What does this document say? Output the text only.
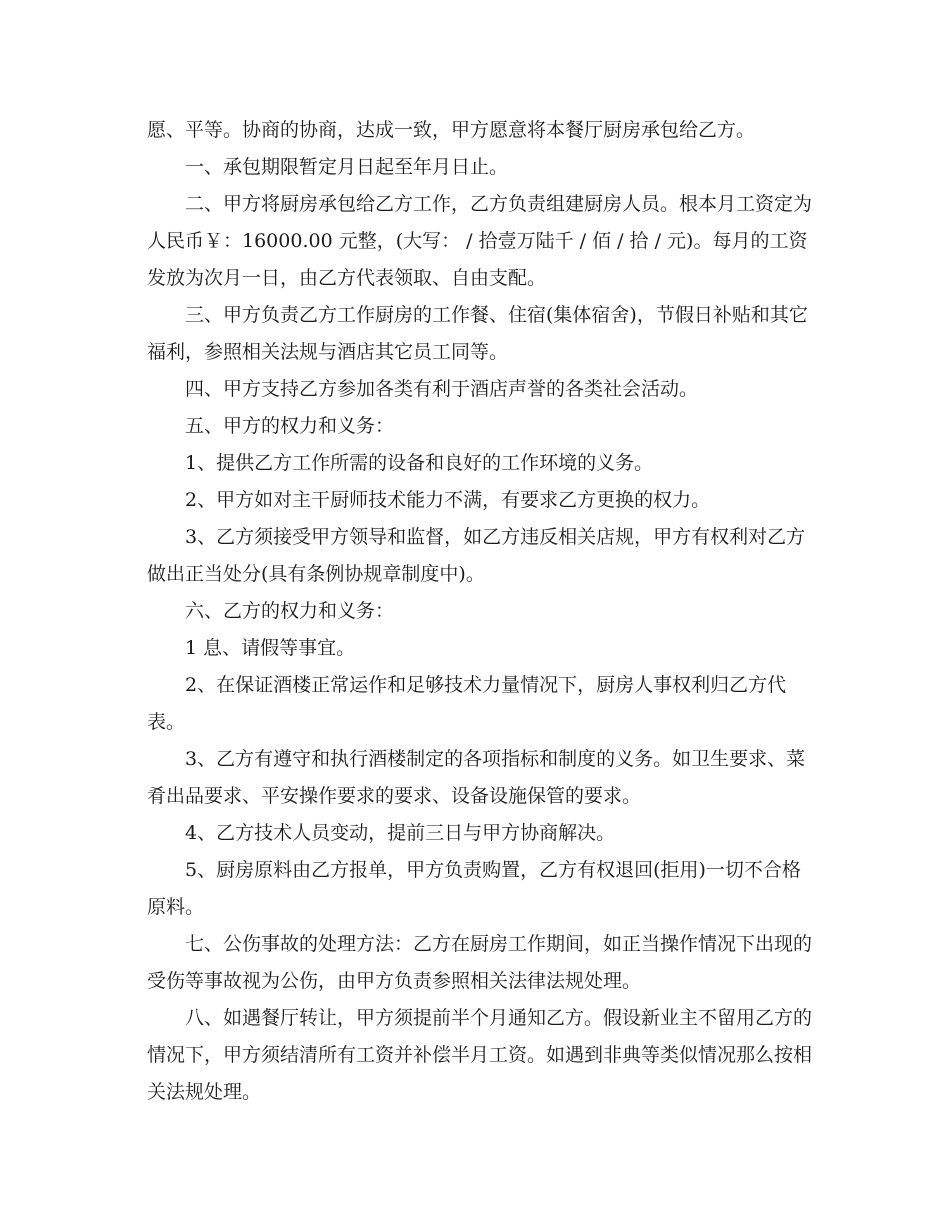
愿、平等。协商的协商，达成一致，甲方愿意将本餐厅厨房承包给乙方。
一、承包期限暂定月日起至年月日止。
二、甲方将厨房承包给乙方工作，乙方负责组建厨房人员。根本月工资定为
人民币￥：16000.00 元整，(大写： / 拾壹万陆千 / 佰 / 拾 / 元)。每月的工资
发放为次月一日，由乙方代表领取、自由支配。
三、甲方负责乙方工作厨房的工作餐、住宿(集体宿舍)，节假日补贴和其它
福利，参照相关法规与酒店其它员工同等。
四、甲方支持乙方参加各类有利于酒店声誉的各类社会活动。
五、甲方的权力和义务：
1、提供乙方工作所需的设备和良好的工作环境的义务。
2、甲方如对主干厨师技术能力不满，有要求乙方更换的权力。
3、乙方须接受甲方领导和监督，如乙方违反相关店规，甲方有权利对乙方
做出正当处分(具有条例协规章制度中)。
六、乙方的权力和义务：
1 息、请假等事宜。
2、在保证酒楼正常运作和足够技术力量情况下，厨房人事权利归乙方代
表。
3、乙方有遵守和执行酒楼制定的各项指标和制度的义务。如卫生要求、菜
肴出品要求、平安操作要求的要求、设备设施保管的要求。
4、乙方技术人员变动，提前三日与甲方协商解决。
5、厨房原料由乙方报单，甲方负责购置，乙方有权退回(拒用)一切不合格
原料。
七、公伤事故的处理方法：乙方在厨房工作期间，如正当操作情况下出现的
受伤等事故视为公伤，由甲方负责参照相关法律法规处理。
八、如遇餐厅转让，甲方须提前半个月通知乙方。假设新业主不留用乙方的
情况下，甲方须结清所有工资并补偿半月工资。如遇到非典等类似情况那么按相
关法规处理。
